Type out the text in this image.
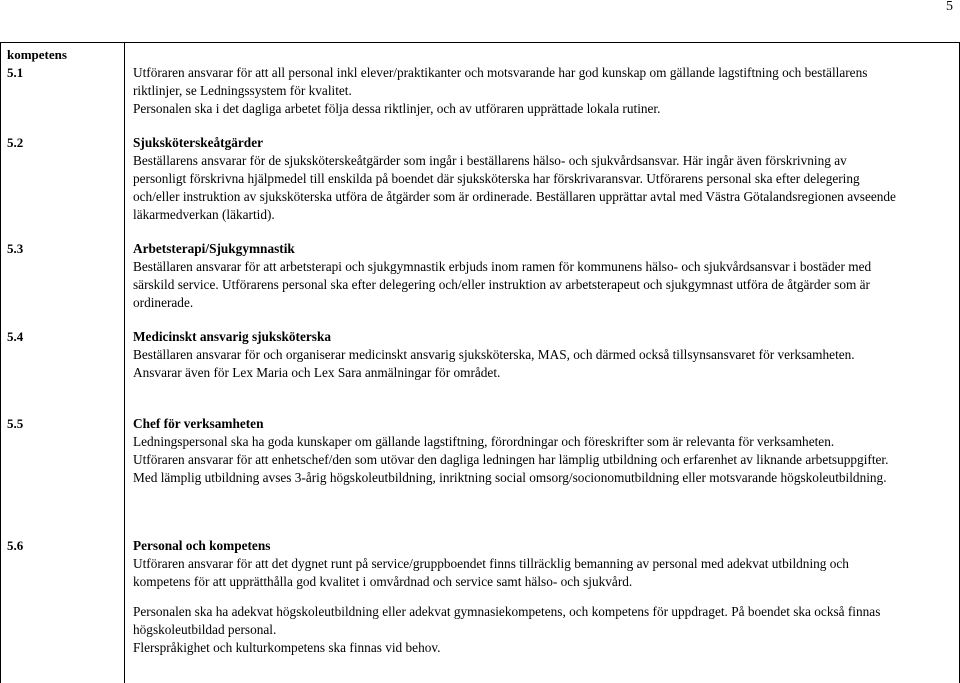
5
kompetens
5.1	Utföraren ansvarar för att all personal inkl elever/praktikanter och motsvarande har god kunskap om gällande lagstiftning och beställarens riktlinjer, se Ledningssystem för kvalitet.
Personalen ska i det dagliga arbetet följa dessa riktlinjer, och av utföraren upprättade lokala rutiner.
5.2	Sjuksköterskeåtgärder
Beställarens ansvarar för de sjuksköterskeåtgärder som ingår i beställarens hälso- och sjukvårdsansvar. Här ingår även förskrivning av personligt förskrivna hjälpmedel till enskilda på boendet där sjuksköterska har förskrivaransvar. Utförarens personal ska efter delegering och/eller instruktion av sjuksköterska utföra de åtgärder som är ordinerade. Beställaren upprättar avtal med Västra Götalandsregionen avseende läkarmedverkan (läkartid).
5.3	Arbetsterapi/Sjukgymnastik
Beställaren ansvarar för att arbetsterapi och sjukgymnastik erbjuds inom ramen för kommunens hälso- och sjukvårdsansvar i bostäder med särskild service. Utförarens personal ska efter delegering och/eller instruktion av arbetsterapeut och sjukgymnast utföra de åtgärder som är ordinerade.
5.4	Medicinskt ansvarig sjuksköterska
Beställaren ansvarar för och organiserar medicinskt ansvarig sjuksköterska, MAS, och därmed också tillsynsansvaret för verksamheten.
Ansvarar även för Lex Maria och Lex Sara anmälningar för området.
5.5	Chef för verksamheten
Ledningspersonal ska ha goda kunskaper om gällande lagstiftning, förordningar och föreskrifter som är relevanta för verksamheten.
Utföraren ansvarar för att enhetschef/den som utövar den dagliga ledningen har lämplig utbildning och erfarenhet av liknande arbetsuppgifter. Med lämplig utbildning avses 3-årig högskoleutbildning, inriktning social omsorg/socionomutbildning eller motsvarande högskoleutbildning.
5.6	Personal och kompetens
Utföraren ansvarar för att det dygnet runt på service/gruppboendet finns tillräcklig bemanning av personal med adekvat utbildning och kompetens för att upprätthålla god kvalitet i omvårdnad och service samt hälso- och sjukvård.
Personalen ska ha adekvat högskoleutbildning eller adekvat gymnasiekompetens, och kompetens för uppdraget. På boendet ska också finnas högskoleutbildad personal.
Flerspråkighet och kulturkompetens ska finnas vid behov.
